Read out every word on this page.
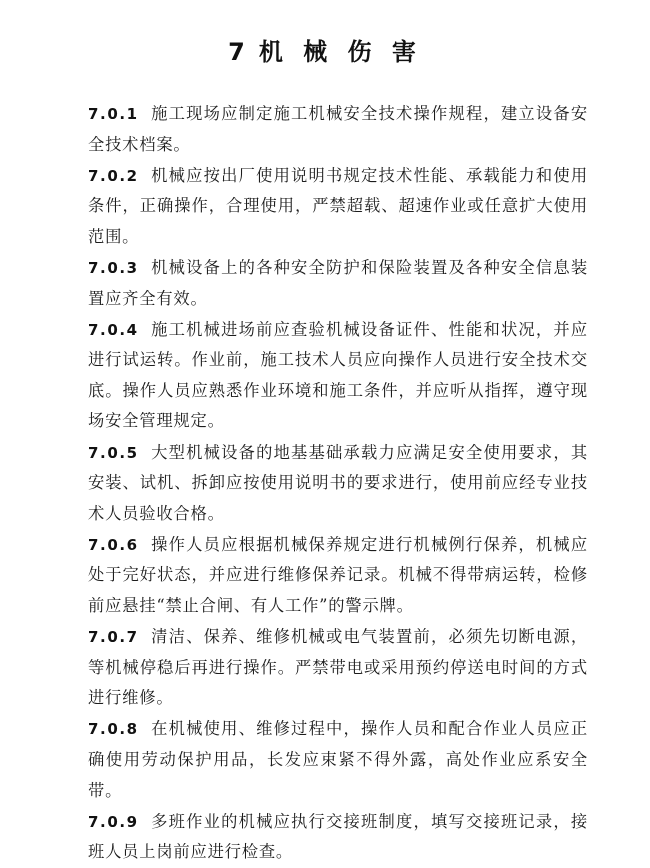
7 机 械 伤 害
7.0.1 施工现场应制定施工机械安全技术操作规程，建立设备安全技术档案。
7.0.2 机械应按出厂使用说明书规定技术性能、承载能力和使用条件，正确操作，合理使用，严禁超载、超速作业或任意扩大使用范围。
7.0.3 机械设备上的各种安全防护和保险装置及各种安全信息装置应齐全有效。
7.0.4 施工机械进场前应查验机械设备证件、性能和状况，并应进行试运转。作业前，施工技术人员应向操作人员进行安全技术交底。操作人员应熟悉作业环境和施工条件，并应听从指挥，遵守现场安全管理规定。
7.0.5 大型机械设备的地基基础承载力应满足安全使用要求，其安装、试机、拆卸应按使用说明书的要求进行，使用前应经专业技术人员验收合格。
7.0.6 操作人员应根据机械保养规定进行机械例行保养，机械应处于完好状态，并应进行维修保养记录。机械不得带病运转，检修前应悬挂“禁止合闸、有人工作”的警示牌。
7.0.7 清洁、保养、维修机械或电气装置前，必须先切断电源，等机械停稳后再进行操作。严禁带电或采用预约停送电时间的方式进行维修。
7.0.8 在机械使用、维修过程中，操作人员和配合作业人员应正确使用劳动保护用品，长发应束紧不得外露，高处作业应系安全带。
7.0.9 多班作业的机械应执行交接班制度，填写交接班记录，接班人员上岗前应进行检查。
